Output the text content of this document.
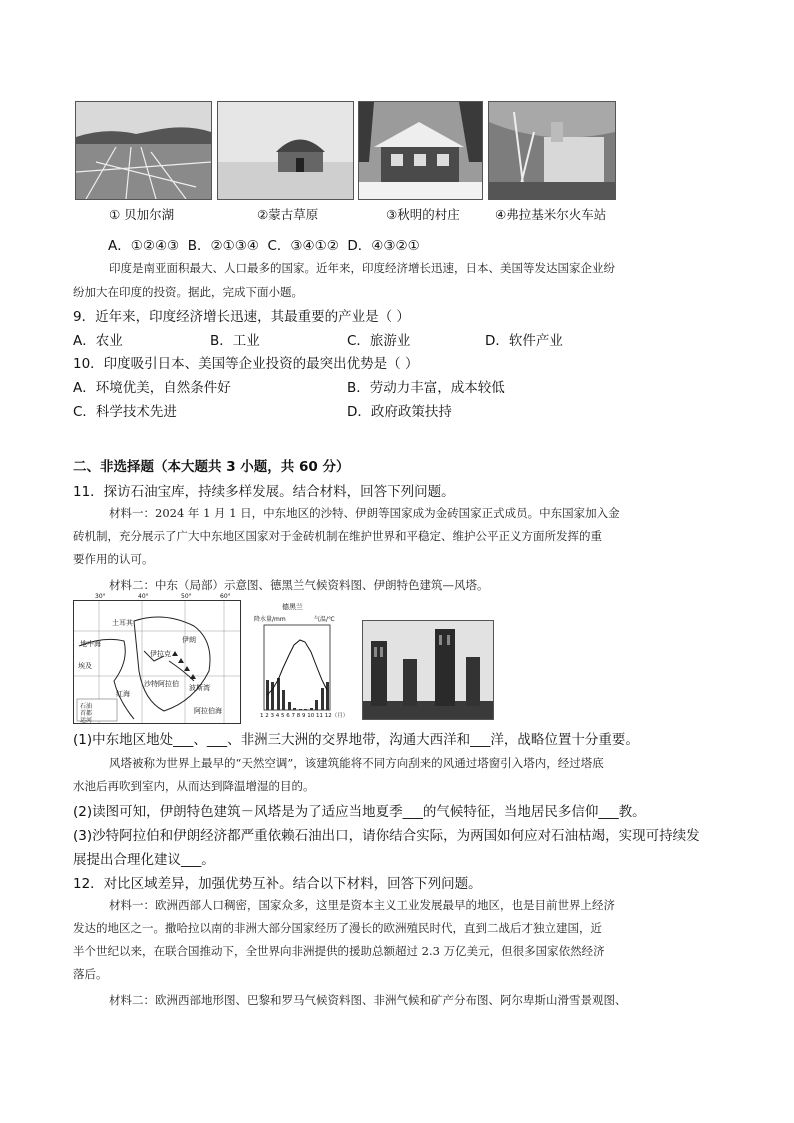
① 贝加尔湖	②蒙古草原	③秋明的村庄	④弗拉基米尔火车站
A．①②④③  B．②①③④  C．③④①②  D．④③②①
印度是南亚面积最大、人口最多的国家。近年来，印度经济增长迅速，日本、美国等发达国家企业纷
纷加大在印度的投资。据此，完成下面小题。
9．近年来，印度经济增长迅速，其最重要的产业是（ ）
A．农业	B．工业	C．旅游业	D．软件产业
10．印度吸引日本、美国等企业投资的最突出优势是（ ）
A．环境优美，自然条件好	B．劳动力丰富，成本较低
C．科学技术先进	D．政府政策扶持
二、非选择题（本大题共 3 小题，共 60 分）
11．探访石油宝库，持续多样发展。结合材料，回答下列问题。
材料一：2024 年 1 月 1 日，中东地区的沙特、伊朗等国家成为金砖国家正式成员。中东国家加入金
砖机制，充分展示了广大中东地区国家对于金砖机制在维护世界和平稳定、维护公平正义方面所发挥的重
要作用的认可。
材料二：中东（局部）示意图、德黑兰气候资料图、伊朗特色建筑—风塔。
土耳其
伊朗
地中海
伊拉克
沙特阿拉伯
红海
波斯湾
阿拉伯海
埃及
石油
首都
运河
30°	40°	50°	60°
德黑兰
降水量/mm	气温/℃
1 2 3 4 5 6 7 8 9 10 11 12（月）
(1)中东地区地处___、___、非洲三大洲的交界地带，沟通大西洋和___洋，战略位置十分重要。
风塔被称为世界上最早的“天然空调”，该建筑能将不同方向刮来的风通过塔窗引入塔内，经过塔底
水池后再吹到室内，从而达到降温增湿的目的。
(2)读图可知，伊朗特色建筑－风塔是为了适应当地夏季___的气候特征，当地居民多信仰___教。
(3)沙特阿拉伯和伊朗经济都严重依赖石油出口，请你结合实际，为两国如何应对石油枯竭，实现可持续发
展提出合理化建议___。
12．对比区域差异，加强优势互补。结合以下材料，回答下列问题。
材料一：欧洲西部人口稠密，国家众多，这里是资本主义工业发展最早的地区，也是目前世界上经济
发达的地区之一。撒哈拉以南的非洲大部分国家经历了漫长的欧洲殖民时代，直到二战后才独立建国，近
半个世纪以来，在联合国推动下，全世界向非洲提供的援助总额超过 2.3 万亿美元，但很多国家依然经济
落后。
材料二：欧洲西部地形图、巴黎和罗马气候资料图、非洲气候和矿产分布图、阿尔卑斯山滑雪景观图、
